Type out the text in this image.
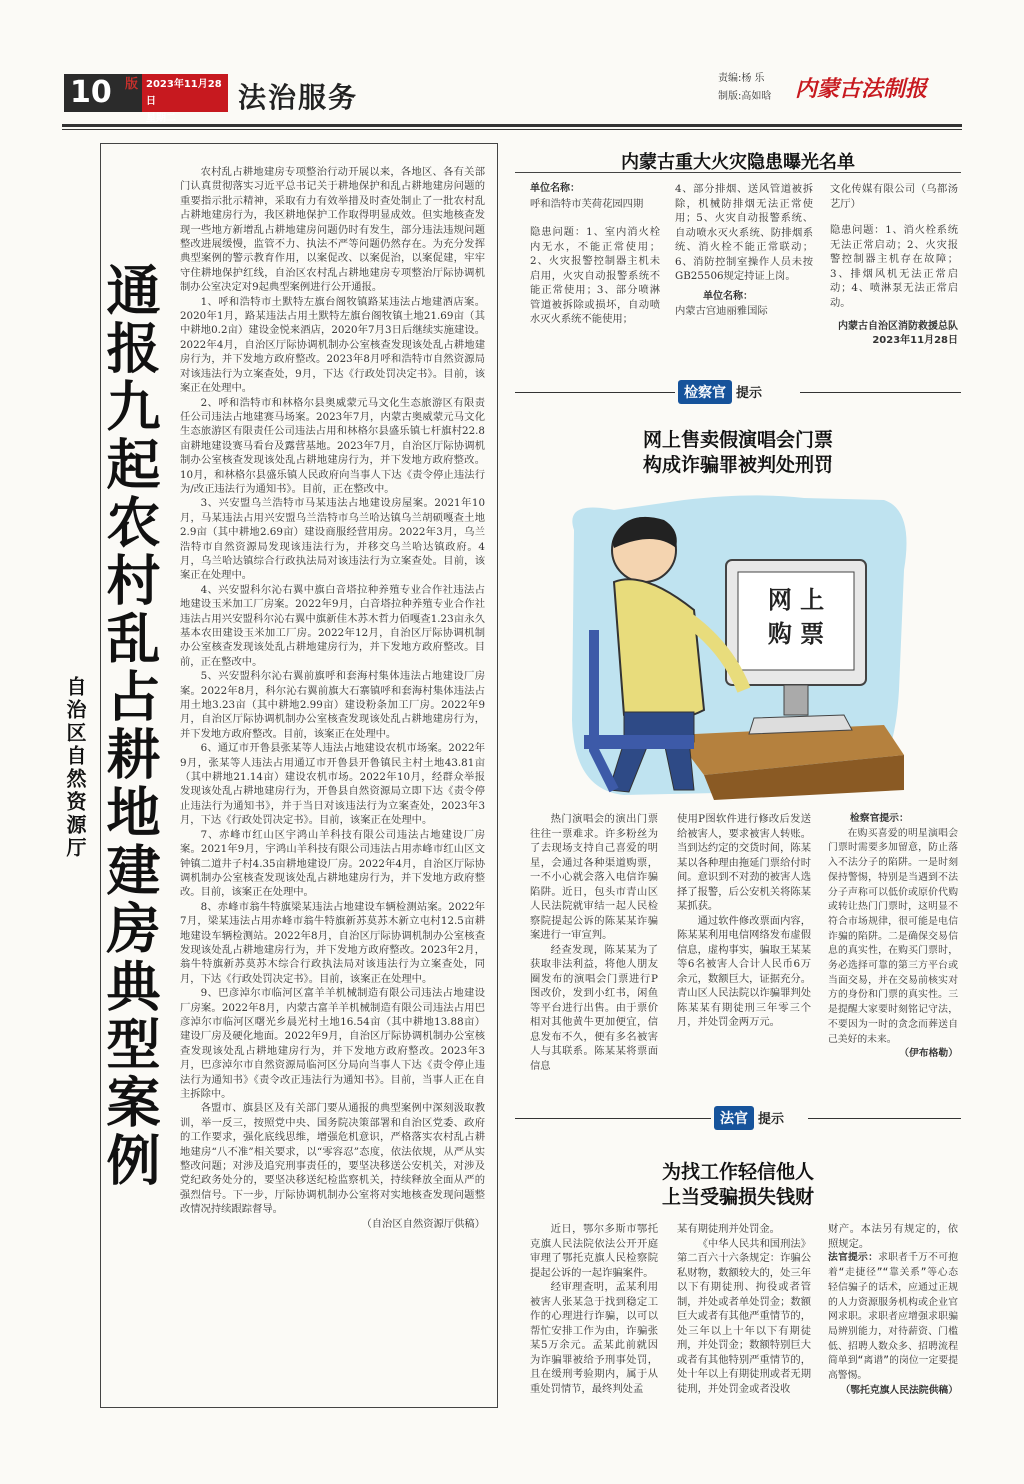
10 版 2023年11月28日
星期二
法治服务
责编:杨 乐
制版:高如晗 内蒙古法制报
通报九起农村乱占耕地建房典型案例
自治区自然资源厅

农村乱占耕地建房专项整治行动开展以来，各地区、各有关部门认真贯彻落实习近平总书记关于耕地保护和乱占耕地建房问题的重要指示批示精神，采取有力有效举措及时查处制止了一批农村乱占耕地建房行为，我区耕地保护工作取得明显成效。但实地核查发现一些地方新增乱占耕地建房问题仍时有发生，部分违法违规问题整改进展缓慢，监管不力、执法不严等问题仍然存在。为充分发挥典型案例的警示教育作用，以案促改、以案促治，以案促建，牢牢守住耕地保护红线，自治区农村乱占耕地建房专项整治厅际协调机制办公室决定对9起典型案例进行公开通报。

1、呼和浩特市土默特左旗台阁牧镇路某违法占地建酒店案。2020年1月，路某违法占用土默特左旗台阁牧镇土地21.69亩（其中耕地0.2亩）建设金悦来酒店，2020年7月3日后继续实施建设。2022年4月，自治区厅际协调机制办公室核查发现该处乱占耕地建房行为，并下发地方政府整改。2023年8月呼和浩特市自然资源局对该违法行为立案查处，9月，下达《行政处罚决定书》。目前，该案正在处理中。

2、呼和浩特市和林格尔县奥威蒙元马文化生态旅游区有限责任公司违法占地建赛马场案。2023年7月，内蒙古奥威蒙元马文化生态旅游区有限责任公司违法占用和林格尔县盛乐镇七杆旗村22.8亩耕地建设赛马看台及露营基地。2023年7月，自治区厅际协调机制办公室核查发现该处乱占耕地建房行为，并下发地方政府整改。10月，和林格尔县盛乐镇人民政府向当事人下达《责令停止违法行为/改正违法行为通知书》。目前，正在整改中。

3、兴安盟乌兰浩特市马某违法占地建设房屋案。2021年10月，马某违法占用兴安盟乌兰浩特市乌兰哈达镇乌兰胡硕嘎查土地2.9亩（其中耕地2.69亩）建设商服经营用房。2022年3月，乌兰浩特市自然资源局发现该违法行为，并移交乌兰哈达镇政府。4月，乌兰哈达镇综合行政执法局对该违法行为立案查处。目前，该案正在处理中。

4、兴安盟科尔沁右翼中旗白音塔拉种养殖专业合作社违法占地建设玉米加工厂房案。2022年9月，白音塔拉种养殖专业合作社违法占用兴安盟科尔沁右翼中旗新佳木苏木哲力佰嘎查1.23亩永久基本农田建设玉米加工厂房。2022年12月，自治区厅际协调机制办公室核查发现该处乱占耕地建房行为，并下发地方政府整改。目前，正在整改中。

5、兴安盟科尔沁右翼前旗呼和套海村集体违法占地建设厂房案。2022年8月，科尔沁右翼前旗大石寨镇呼和套海村集体违法占用土地3.23亩（其中耕地2.99亩）建设粉条加工厂房。2022年9月，自治区厅际协调机制办公室核查发现该处乱占耕地建房行为，并下发地方政府整改。目前，该案正在处理中。

6、通辽市开鲁县张某等人违法占地建设农机市场案。2022年9月，张某等人违法占用通辽市开鲁县开鲁镇民主村土地43.81亩（其中耕地21.14亩）建设农机市场。2022年10月，经群众举报发现该处乱占耕地建房行为，开鲁县自然资源局立即下达《责令停止违法行为通知书》，并于当日对该违法行为立案查处，2023年3月，下达《行政处罚决定书》。目前，该案正在处理中。

7、赤峰市红山区宇鸿山羊科技有限公司违法占地建设厂房案。2021年9月，宇鸿山羊科技有限公司违法占用赤峰市红山区文钟镇二道井子村4.35亩耕地建设厂房。2022年4月，自治区厅际协调机制办公室核查发现该处乱占耕地建房行为，并下发地方政府整改。目前，该案正在处理中。

8、赤峰市翁牛特旗梁某违法占地建设车辆检测站案。2022年7月，梁某违法占用赤峰市翁牛特旗新苏莫苏木新立屯村12.5亩耕地建设车辆检测站。2022年8月，自治区厅际协调机制办公室核查发现该处乱占耕地建房行为，并下发地方政府整改。2023年2月，翁牛特旗新苏莫苏木综合行政执法局对该违法行为立案查处，同月，下达《行政处罚决定书》。目前，该案正在处理中。

9、巴彦淖尔市临河区富羊羊机械制造有限公司违法占地建设厂房案。2022年8月，内蒙古富羊羊机械制造有限公司违法占用巴彦淖尔市临河区曙光乡晨光村土地16.54亩（其中耕地13.88亩）建设厂房及硬化地面。2022年9月，自治区厅际协调机制办公室核查发现该处乱占耕地建房行为，并下发地方政府整改。2023年3月，巴彦淖尔市自然资源局临河区分局向当事人下达《责令停止违法行为通知书》《责令改正违法行为通知书》。目前，当事人正在自主拆除中。

各盟市、旗县区及有关部门要从通报的典型案例中深刻汲取教训，举一反三，按照党中央、国务院决策部署和自治区党委、政府的工作要求，强化底线思维，增强危机意识，严格落实农村乱占耕地建房“八不准”相关要求，以“零容忍”态度，依法依规，从严从实整改问题；对涉及追究刑事责任的，要坚决移送公安机关，对涉及党纪政务处分的，要坚决移送纪检监察机关，持续释放全面从严的强烈信号。下一步，厅际协调机制办公室将对实地核查发现问题整改情况持续跟踪督导。

（自治区自然资源厅供稿）

内蒙古重大火灾隐患曝光名单
单位名称：
呼和浩特市芙荷花园四期
隐患问题：1、室内消火栓内无水，不能正常使用；2、火灾报警控制器主机未启用，火灾自动报警系统不能正常使用；3、部分喷淋管道被拆除或损坏，自动喷水灭火系统不能使用；
4、部分排烟、送风管道被拆除，机械防排烟无法正常使用；5、火灾自动报警系统、自动喷水灭火系统、防排烟系统、消火栓不能正常联动；6、消防控制室操作人员未按GB25506规定持证上岗。
单位名称：
内蒙古宫迪丽雅国际
文化传媒有限公司（乌都汤艺厅）
隐患问题：1、消火栓系统无法正常启动；2、火灾报警控制器主机存在故障；3、排烟风机无法正常启动；4、喷淋泵无法正常启动。
内蒙古自治区消防救援总队
2023年11月28日
检察官 提示
网上售卖假演唱会门票
构成诈骗罪被判处刑罚
网 上
购 票

热门演唱会的演出门票往往一票难求。许多粉丝为了去现场支持自己喜爱的明星，会通过各种渠道购票，一不小心就会落入电信诈骗陷阱。近日，包头市青山区人民法院就审结一起人民检察院提起公诉的陈某某诈骗案进行一审宣判。

经查发现，陈某某为了获取非法利益，将他人朋友圈发布的演唱会门票进行P图改价，发到小红书，闲鱼等平台进行出售。由于票价相对其他黄牛更加便宜，信息发布不久，便有多名被害人与其联系。陈某某将票面信息

使用P图软件进行修改后发送给被害人，要求被害人转账。当到达约定的交货时间，陈某某以各种理由拖延门票给付时间。意识到不对劲的被害人选择了报警，后公安机关将陈某某抓获。

通过软件修改票面内容，陈某某利用电信网络发布虚假信息，虚构事实，骗取王某某等6名被害人合计人民币6万余元，数额巨大，证据充分。青山区人民法院以诈骗罪判处陈某某有期徒刑三年零三个月，并处罚金两万元。

检察官提示：

在购买喜爱的明星演唱会门票时需要多加留意，防止落入不法分子的陷阱。一是时刻保持警惕，特别是当遇到不法分子声称可以低价或原价代购或转让热门门票时，这明显不符合市场规律，很可能是电信诈骗的陷阱。二是确保交易信息的真实性，在购买门票时，务必选择可靠的第三方平台或当面交易，并在交易前核实对方的身份和门票的真实性。三是提醒大家要时刻铭记守法，不要因为一时的贪念而葬送自己美好的未来。

（伊布格勒）
法官 提示
为找工作轻信他人
上当受骗损失钱财

近日，鄂尔多斯市鄂托克旗人民法院依法公开开庭审理了鄂托克旗人民检察院提起公诉的一起诈骗案件。

经审理查明，孟某利用被害人张某急于找到稳定工作的心理进行诈骗，以可以帮忙安排工作为由，诈骗张某5万余元。孟某此前就因为诈骗罪被给予刑事处罚，且在缓刑考验期内，属于从重处罚情节，最终判处孟

某有期徒刑并处罚金。

《中华人民共和国刑法》第二百六十六条规定：诈骗公私财物，数额较大的，处三年以下有期徒刑、拘役或者管制，并处或者单处罚金；数额巨大或者有其他严重情节的，处三年以上十年以下有期徒刑，并处罚金；数额特别巨大或者有其他特别严重情节的，处十年以上有期徒刑或者无期徒刑，并处罚金或者没收

财产。本法另有规定的，依照规定。

法官提示：求职者千万不可抱着“走捷径”“靠关系”等心态轻信骗子的话术，应通过正规的人力资源服务机构或企业官网求职。求职者应增强求职骗局辨别能力，对待薪资、门槛低、招聘人数众多、招聘流程简单到“离谱”的岗位一定要提高警惕。
（鄂托克旗人民法院供稿）
